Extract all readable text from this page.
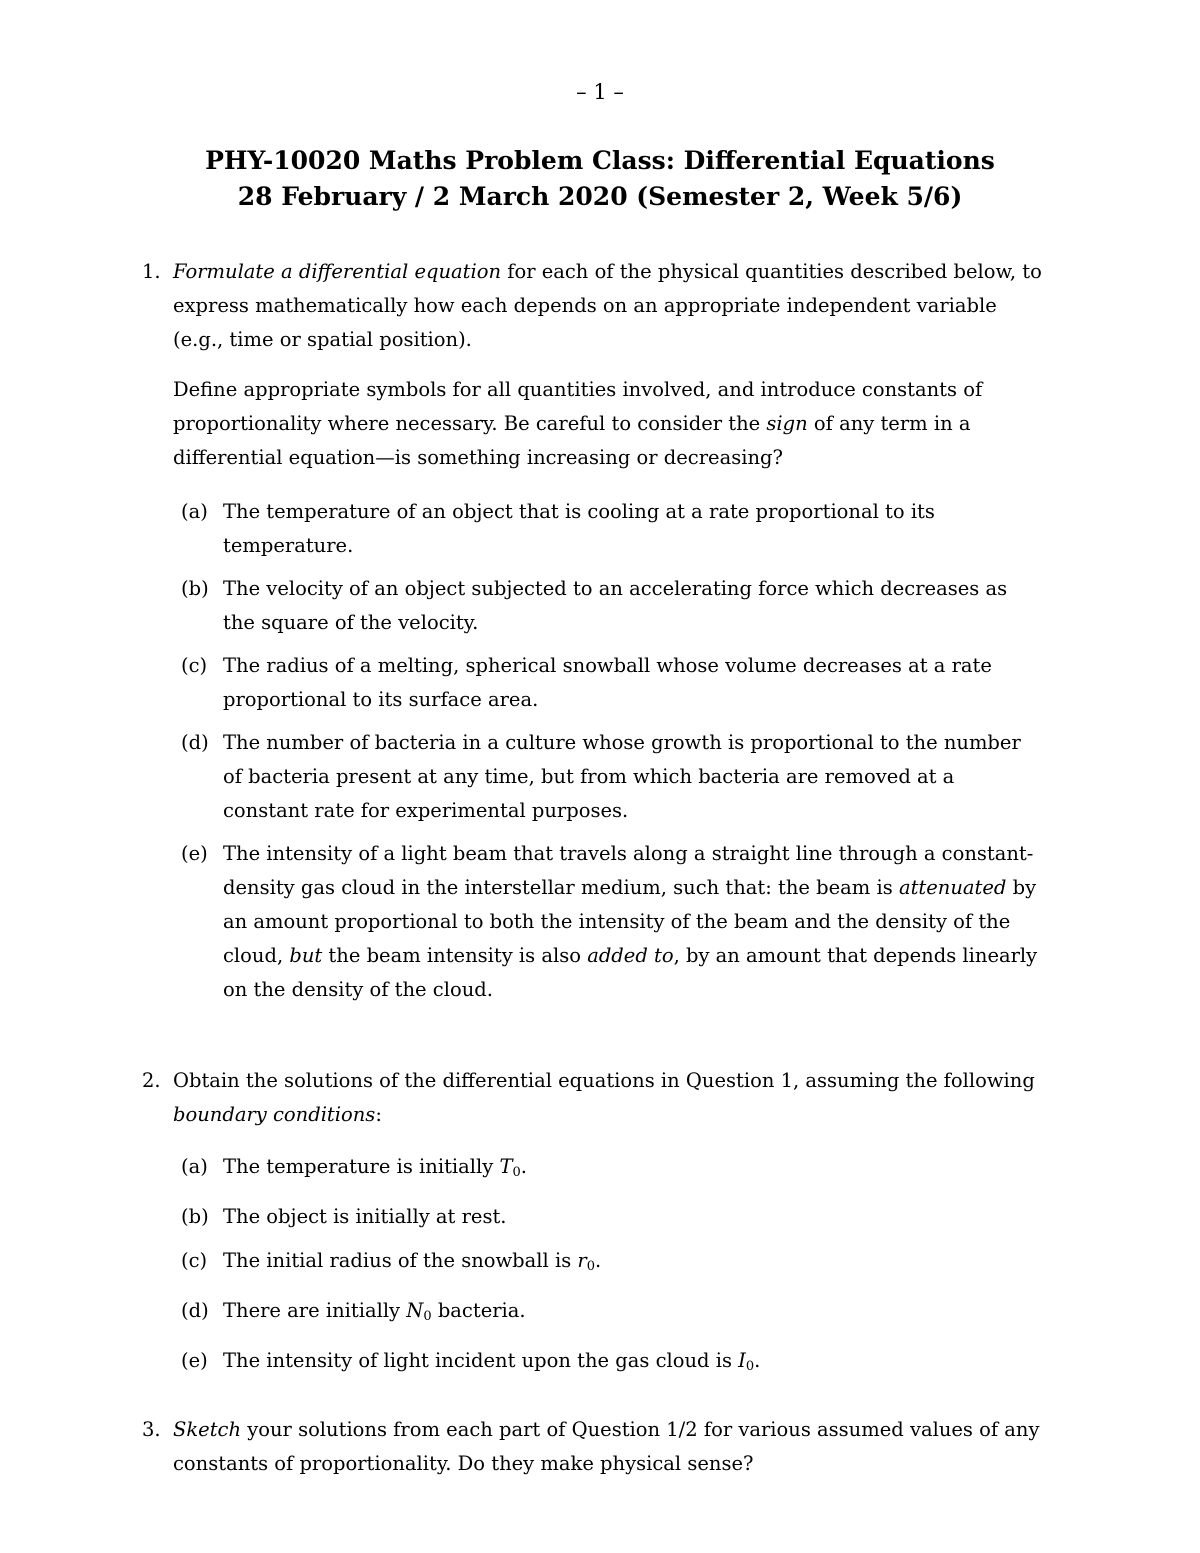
– 1 –
PHY-10020 Maths Problem Class: Differential Equations
28 February / 2 March 2020 (Semester 2, Week 5/6)
1. Formulate a differential equation for each of the physical quantities described below, to express mathematically how each depends on an appropriate independent variable (e.g., time or spatial position).

Define appropriate symbols for all quantities involved, and introduce constants of proportionality where necessary. Be careful to consider the sign of any term in a differential equation—is something increasing or decreasing?

(a) The temperature of an object that is cooling at a rate proportional to its temperature.
(b) The velocity of an object subjected to an accelerating force which decreases as the square of the velocity.
(c) The radius of a melting, spherical snowball whose volume decreases at a rate proportional to its surface area.
(d) The number of bacteria in a culture whose growth is proportional to the number of bacteria present at any time, but from which bacteria are removed at a constant rate for experimental purposes.
(e) The intensity of a light beam that travels along a straight line through a constant-density gas cloud in the interstellar medium, such that: the beam is attenuated by an amount proportional to both the intensity of the beam and the density of the cloud, but the beam intensity is also added to, by an amount that depends linearly on the density of the cloud.
2. Obtain the solutions of the differential equations in Question 1, assuming the following boundary conditions:

(a) The temperature is initially $T_0$.
(b) The object is initially at rest.
(c) The initial radius of the snowball is $r_0$.
(d) There are initially $N_0$ bacteria.
(e) The intensity of light incident upon the gas cloud is $I_0$.
3. Sketch your solutions from each part of Question 1/2 for various assumed values of any constants of proportionality. Do they make physical sense?
